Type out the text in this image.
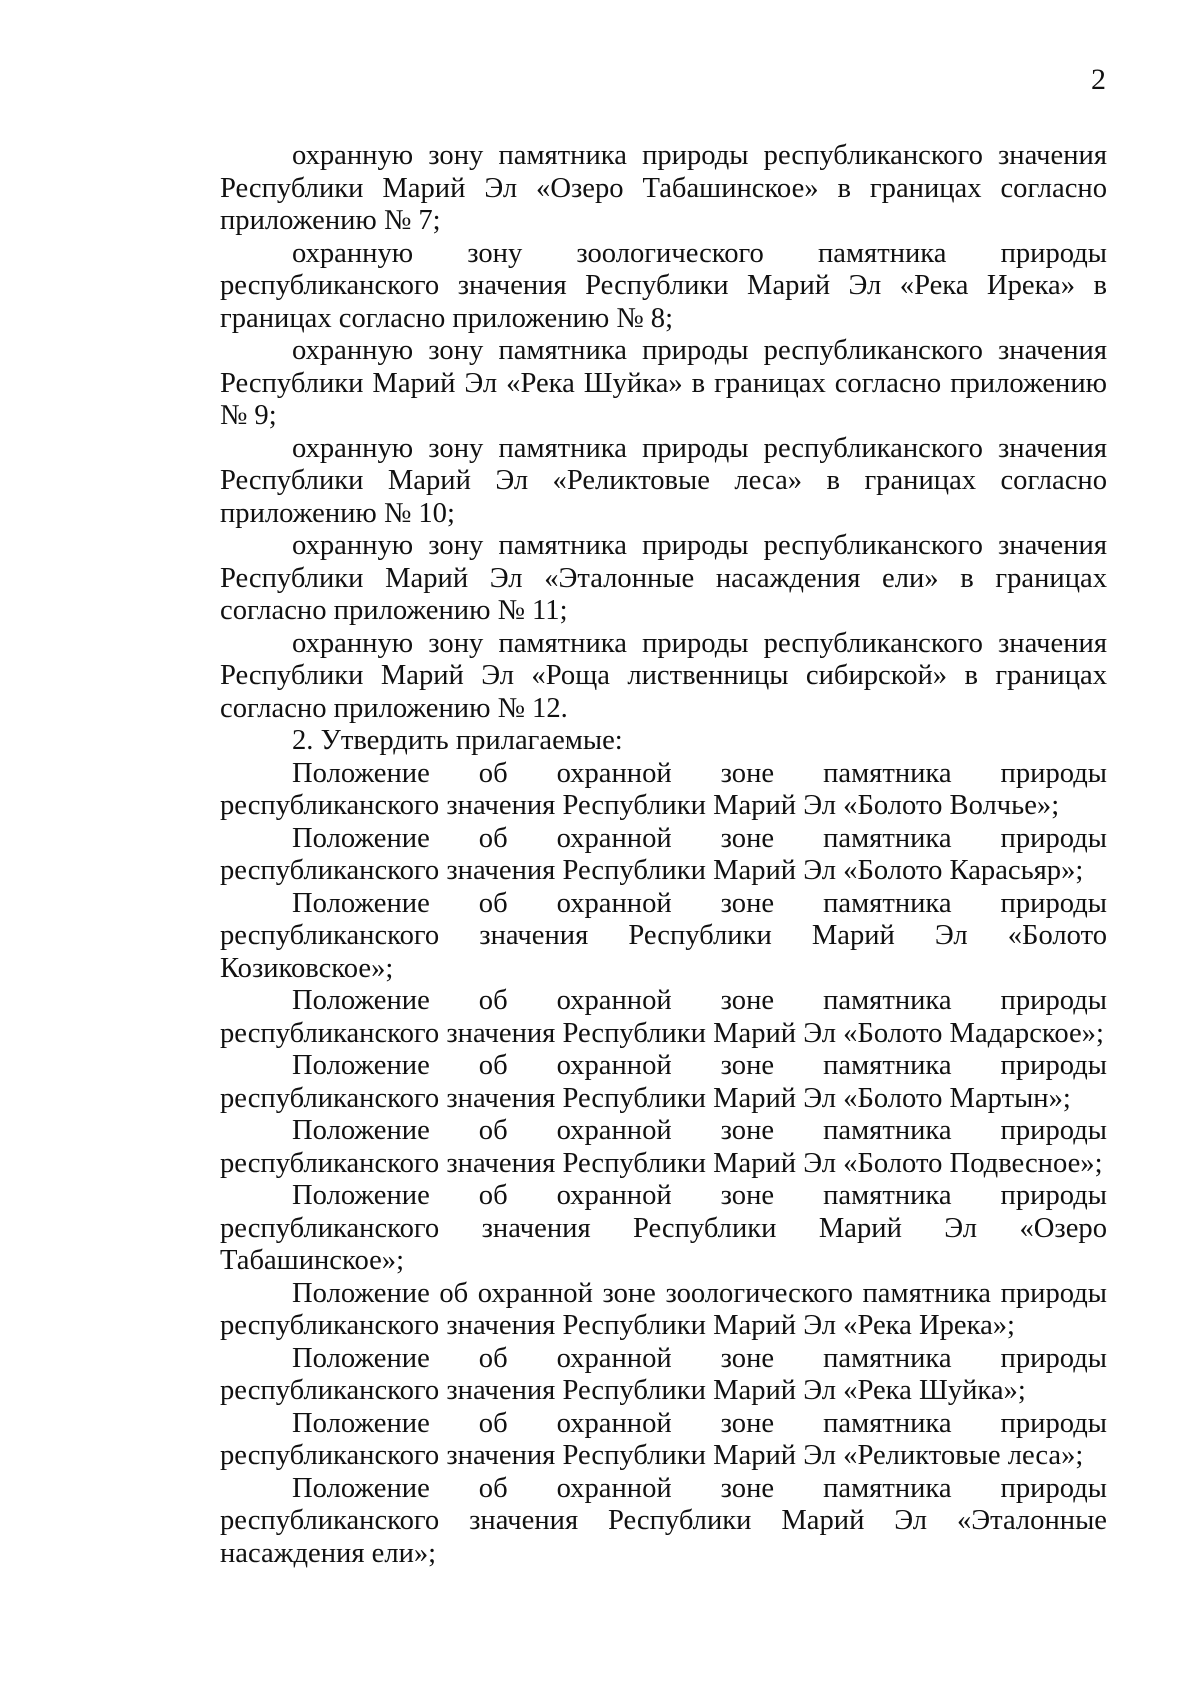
2

охранную зону памятника природы республиканского значения Республики Марий Эл «Озеро Табашинское» в границах согласно приложению № 7;

охранную зону зоологического памятника природы республиканского значения Республики Марий Эл «Река Ирека» в границах согласно приложению № 8;

охранную зону памятника природы республиканского значения Республики Марий Эл «Река Шуйка» в границах согласно приложению № 9;

охранную зону памятника природы республиканского значения Республики Марий Эл «Реликтовые леса» в границах согласно приложению № 10;

охранную зону памятника природы республиканского значения Республики Марий Эл «Эталонные насаждения ели» в границах согласно приложению № 11;

охранную зону памятника природы республиканского значения Республики Марий Эл «Роща лиственницы сибирской» в границах согласно приложению № 12.

2. Утвердить прилагаемые:

Положение об охранной зоне памятника природы республиканского значения Республики Марий Эл «Болото Волчье»;

Положение об охранной зоне памятника природы республиканского значения Республики Марий Эл «Болото Карасьяр»;

Положение об охранной зоне памятника природы республиканского значения Республики Марий Эл «Болото Козиковское»;

Положение об охранной зоне памятника природы республиканского значения Республики Марий Эл «Болото Мадарское»;

Положение об охранной зоне памятника природы республиканского значения Республики Марий Эл «Болото Мартын»;

Положение об охранной зоне памятника природы республиканского значения Республики Марий Эл «Болото Подвесное»;

Положение об охранной зоне памятника природы республиканского значения Республики Марий Эл «Озеро Табашинское»;

Положение об охранной зоне зоологического памятника природы республиканского значения Республики Марий Эл «Река Ирека»;

Положение об охранной зоне памятника природы республиканского значения Республики Марий Эл «Река Шуйка»;

Положение об охранной зоне памятника природы республиканского значения Республики Марий Эл «Реликтовые леса»;

Положение об охранной зоне памятника природы республиканского значения Республики Марий Эл «Эталонные насаждения ели»;
